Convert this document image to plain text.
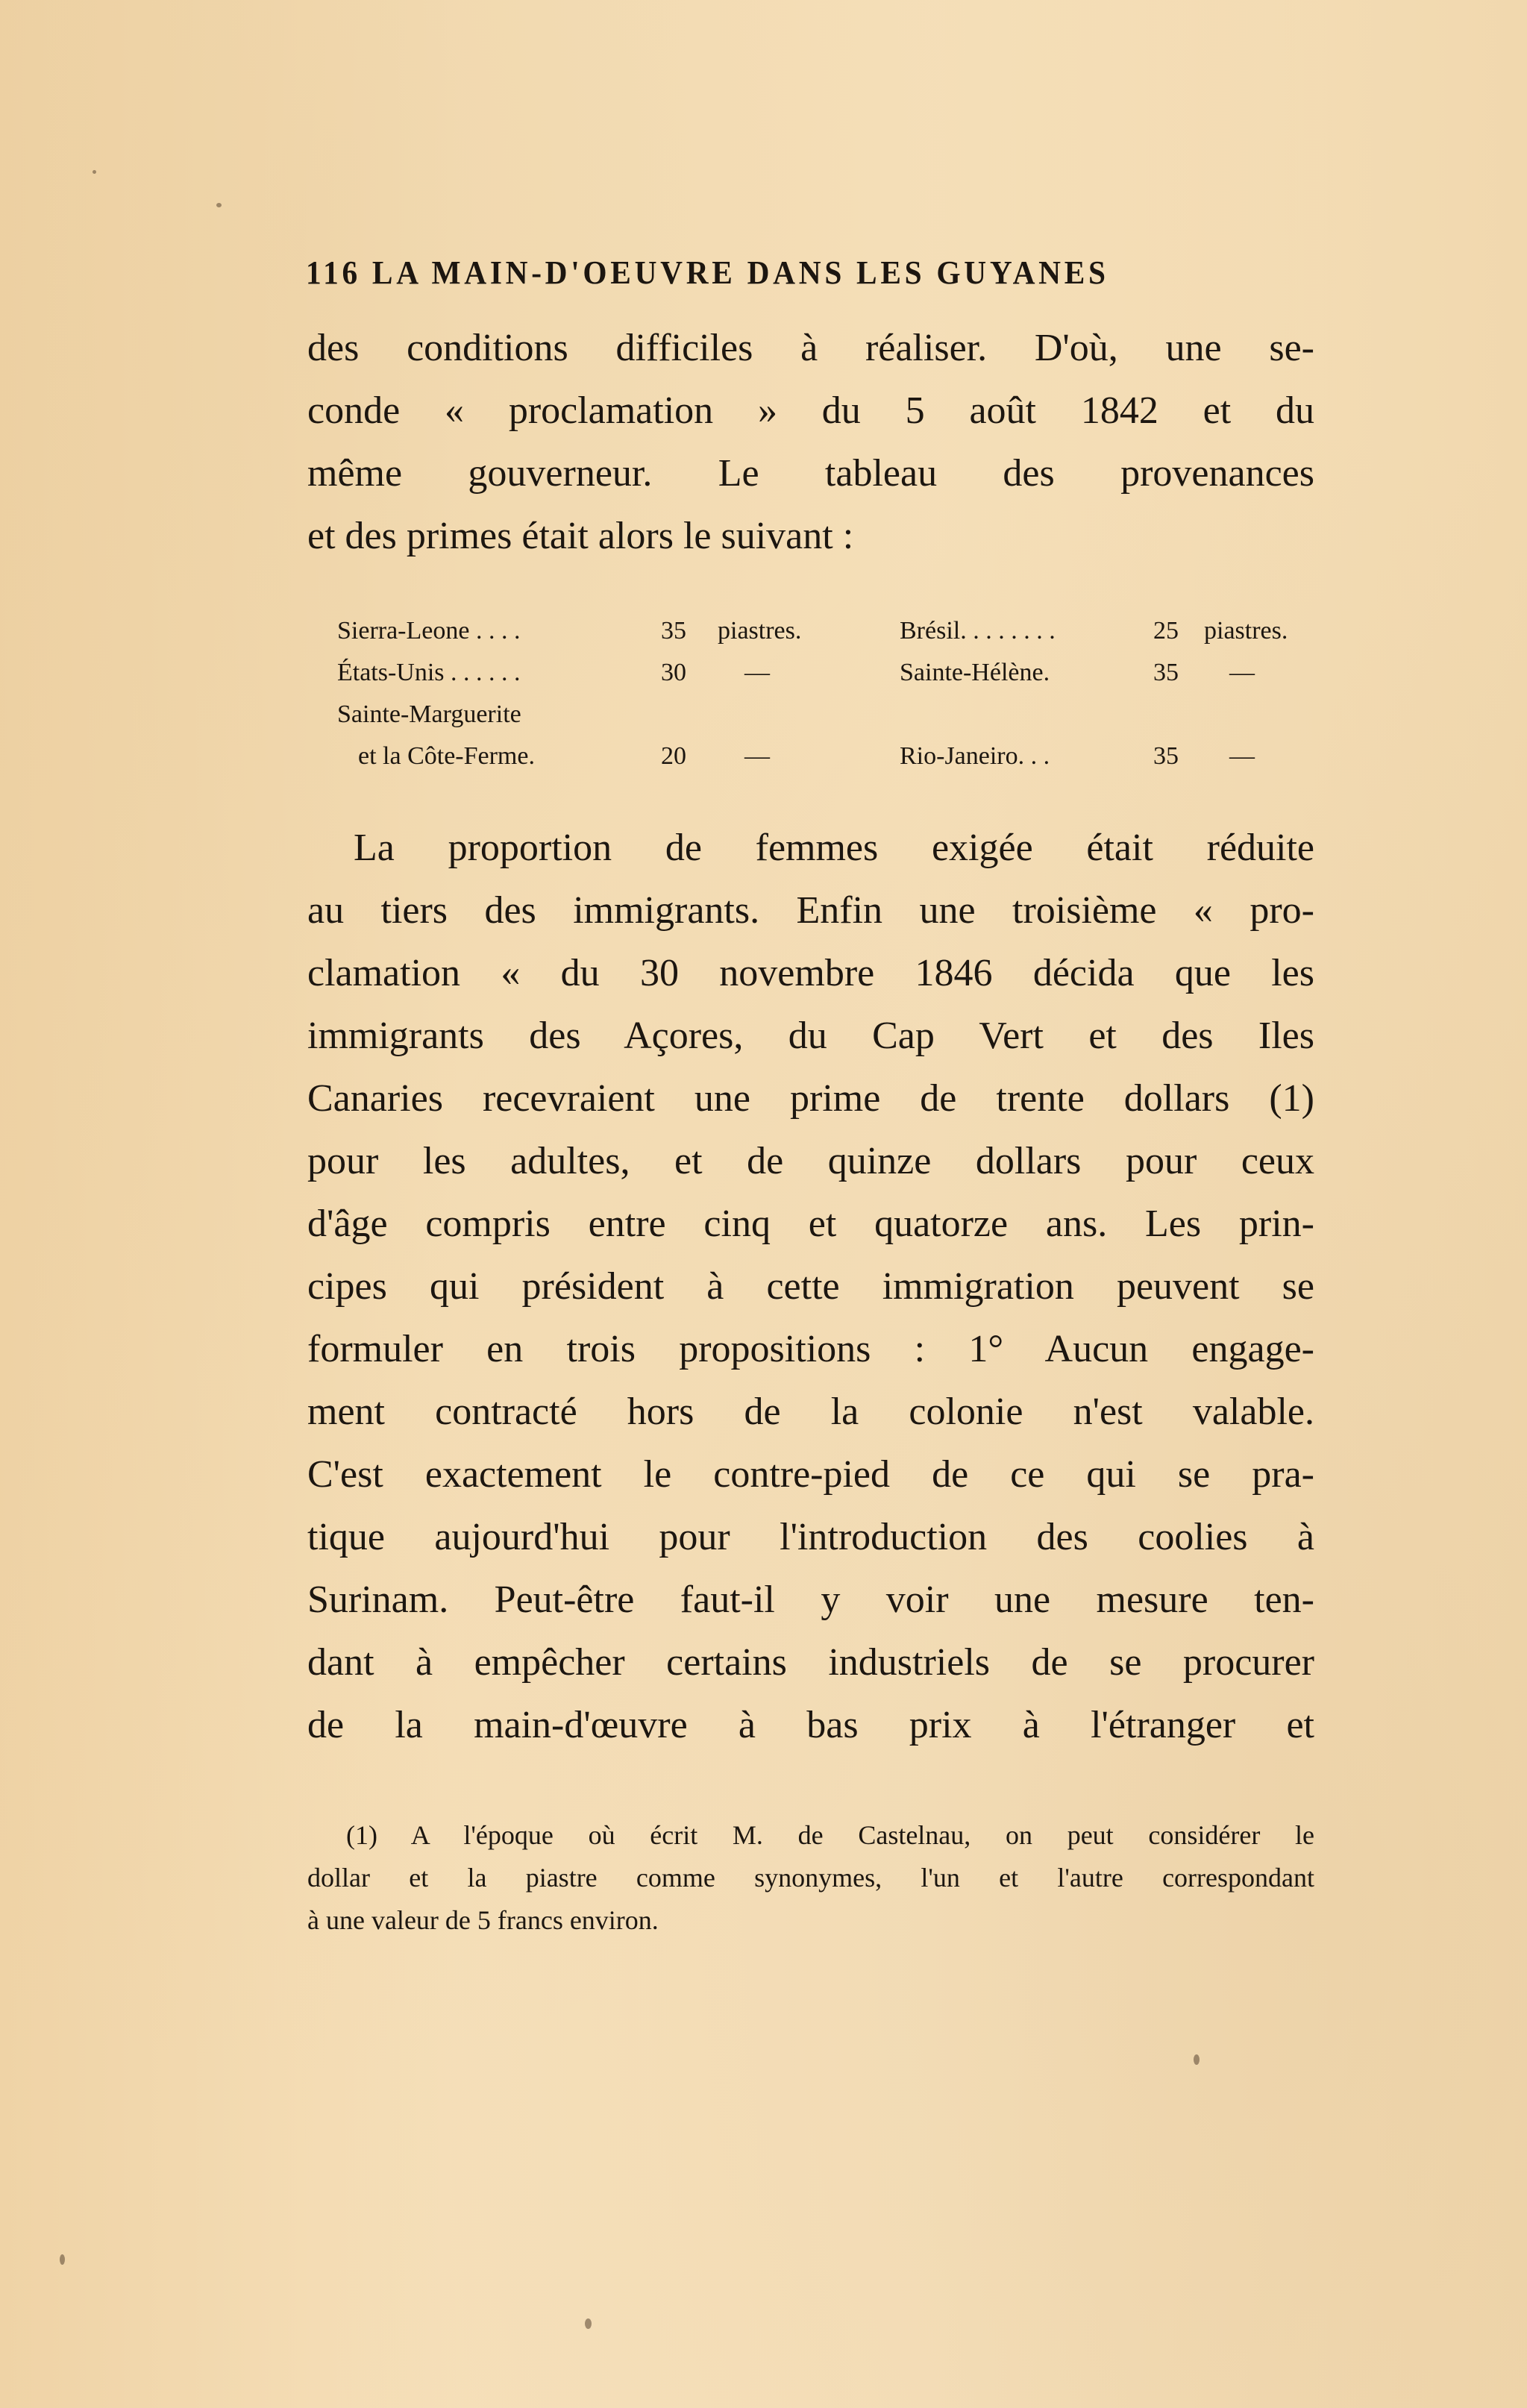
116 LA MAIN-D'OEUVRE DANS LES GUYANES
des conditions difficiles à réaliser. D'où, une se-
conde « proclamation » du 5 août 1842 et du
même gouverneur. Le tableau des provenances
et des primes était alors le suivant :
Sierra-Leone . . . .	35	piastres.	Brésil. . . . . . . .	25	piastres.
États-Unis . . . . . .	30	—	Sainte-Hélène.	35	—
Sainte-Marguerite					
et la Côte-Ferme.	20	—	Rio-Janeiro. . .	35	—
La proportion de femmes exigée était réduite
au tiers des immigrants. Enfin une troisième « pro-
clamation « du 30 novembre 1846 décida que les
immigrants des Açores, du Cap Vert et des Iles
Canaries recevraient une prime de trente dollars (1)
pour les adultes, et de quinze dollars pour ceux
d'âge compris entre cinq et quatorze ans. Les prin-
cipes qui président à cette immigration peuvent se
formuler en trois propositions : 1° Aucun engage-
ment contracté hors de la colonie n'est valable.
C'est exactement le contre-pied de ce qui se pra-
tique aujourd'hui pour l'introduction des coolies à
Surinam. Peut-être faut-il y voir une mesure ten-
dant à empêcher certains industriels de se procurer
de la main-d'œuvre à bas prix à l'étranger et
(1) A l'époque où écrit M. de Castelnau, on peut considérer le
dollar et la piastre comme synonymes, l'un et l'autre correspondant
à une valeur de 5 francs environ.
